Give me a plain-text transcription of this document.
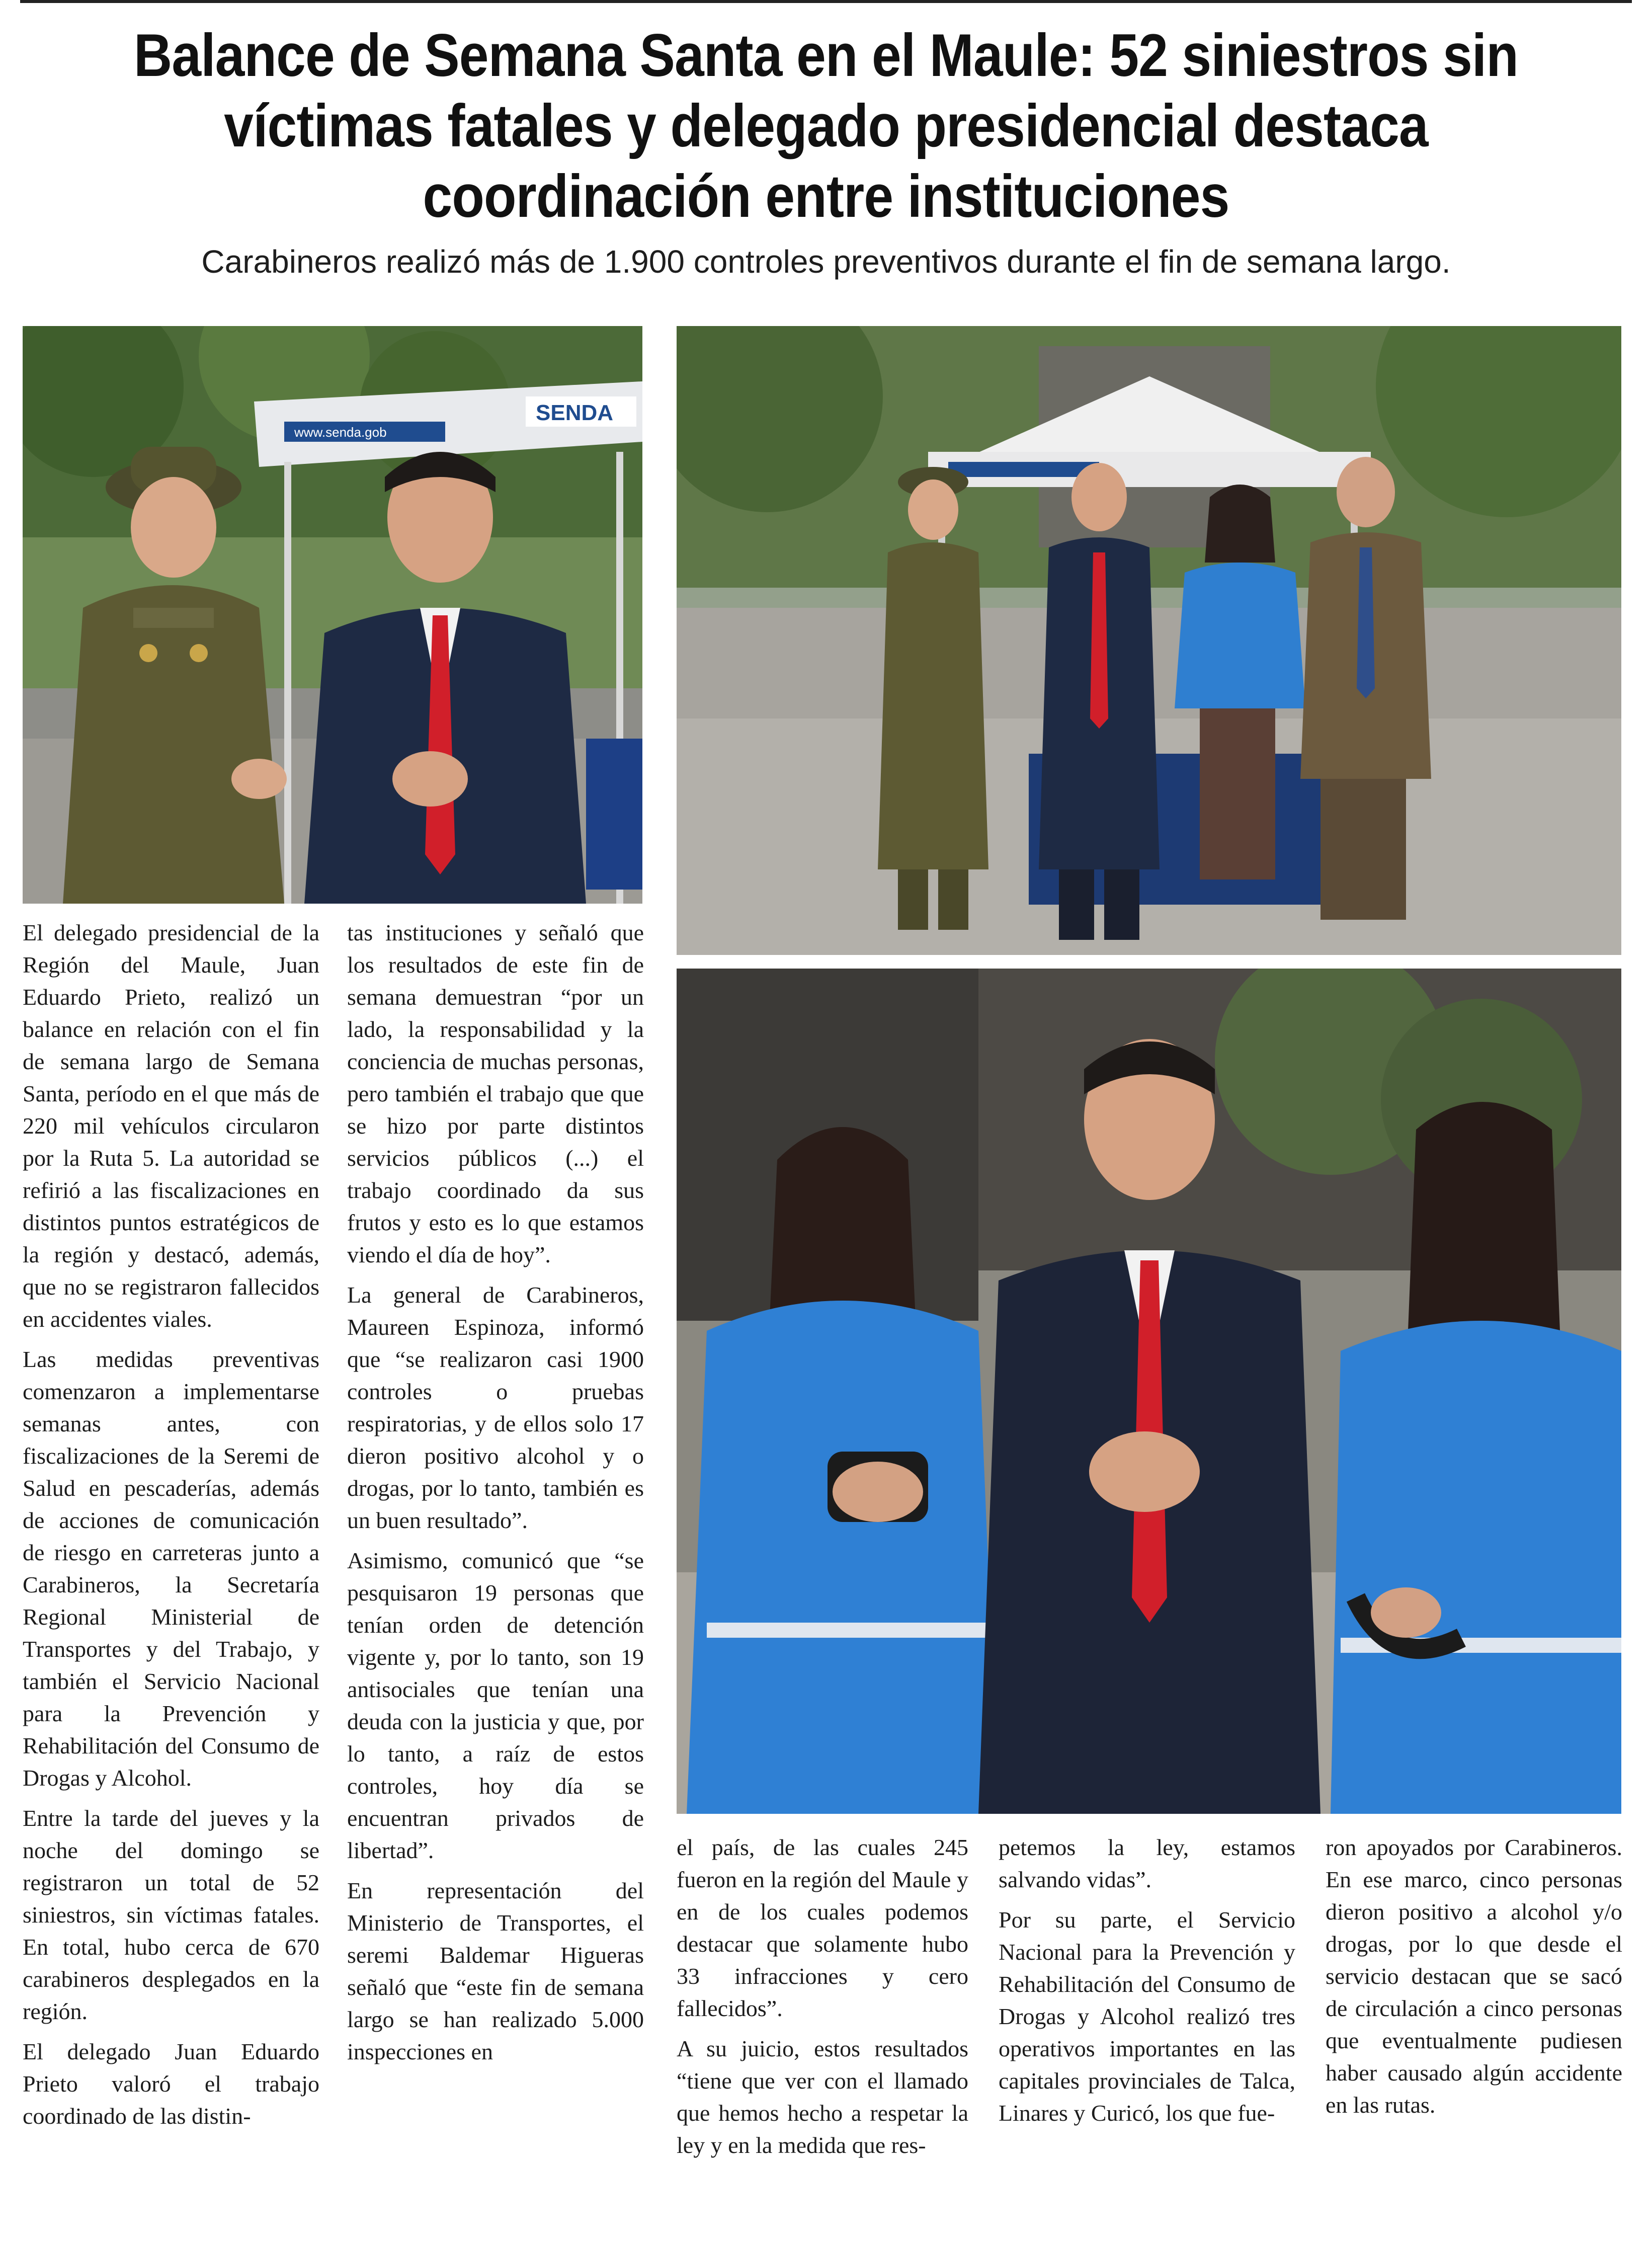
Balance de Semana Santa en el Maule: 52 siniestros sin víctimas fatales y delegado presidencial destaca coordinación entre instituciones

Carabineros realizó más de 1.900 controles preventivos durante el fin de semana largo.

SENDA
www.senda.gob

El delegado presidencial de la Región del Maule, Juan Eduardo Prieto, realizó un balance en relación con el fin de semana largo de Semana Santa, período en el que más de 220 mil vehículos circularon por la Ruta 5. La autoridad se refirió a las fiscalizaciones en distintos puntos estratégicos de la región y destacó, además, que no se registraron fallecidos en accidentes viales.

Las medidas preventivas comenzaron a implementarse semanas antes, con fiscalizaciones de la Seremi de Salud en pescaderías, además de acciones de comunicación de riesgo en carreteras junto a Carabineros, la Secretaría Regional Ministerial de Transportes y del Trabajo, y también el Servicio Nacional para la Prevención y Rehabilitación del Consumo de Drogas y Alcohol.

Entre la tarde del jueves y la noche del domingo se registraron un total de 52 siniestros, sin víctimas fatales. En total, hubo cerca de 670 carabineros desplegados en la región.

El delegado Juan Eduardo Prieto valoró el trabajo coordinado de las distin-

tas instituciones y señaló que los resultados de este fin de semana demuestran “por un lado, la responsabilidad y la conciencia de muchas personas, pero también el trabajo que que se hizo por parte distintos servicios públicos (...) el trabajo coordinado da sus frutos y esto es lo que estamos viendo el día de hoy”.

La general de Carabineros, Maureen Espinoza, informó que “se realizaron casi 1900 controles o pruebas respiratorias, y de ellos solo 17 dieron positivo alcohol y o drogas, por lo tanto, también es un buen resultado”.

Asimismo, comunicó que “se pesquisaron 19 personas que tenían orden de detención vigente y, por lo tanto, son 19 antisociales que tenían una deuda con la justicia y que, por lo tanto, a raíz de estos controles, hoy día se encuentran privados de libertad”.

En representación del Ministerio de Transportes, el seremi Baldemar Higueras señaló que “este fin de semana largo se han realizado 5.000 inspecciones en

el país, de las cuales 245 fueron en la región del Maule y en de los cuales podemos destacar que solamente hubo 33 infracciones y cero fallecidos”.

A su juicio, estos resultados “tiene que ver con el llamado que hemos hecho a respetar la ley y en la medida que res-

petemos la ley, estamos salvando vidas”.

Por su parte, el Servicio Nacional para la Prevención y Rehabilitación del Consumo de Drogas y Alcohol realizó tres operativos importantes en las capitales provinciales de Talca, Linares y Curicó, los que fue-

ron apoyados por Carabineros. En ese marco, cinco personas dieron positivo a alcohol y/o drogas, por lo que desde el servicio destacan que se sacó de circulación a cinco personas que eventualmente pudiesen haber causado algún accidente en las rutas.
